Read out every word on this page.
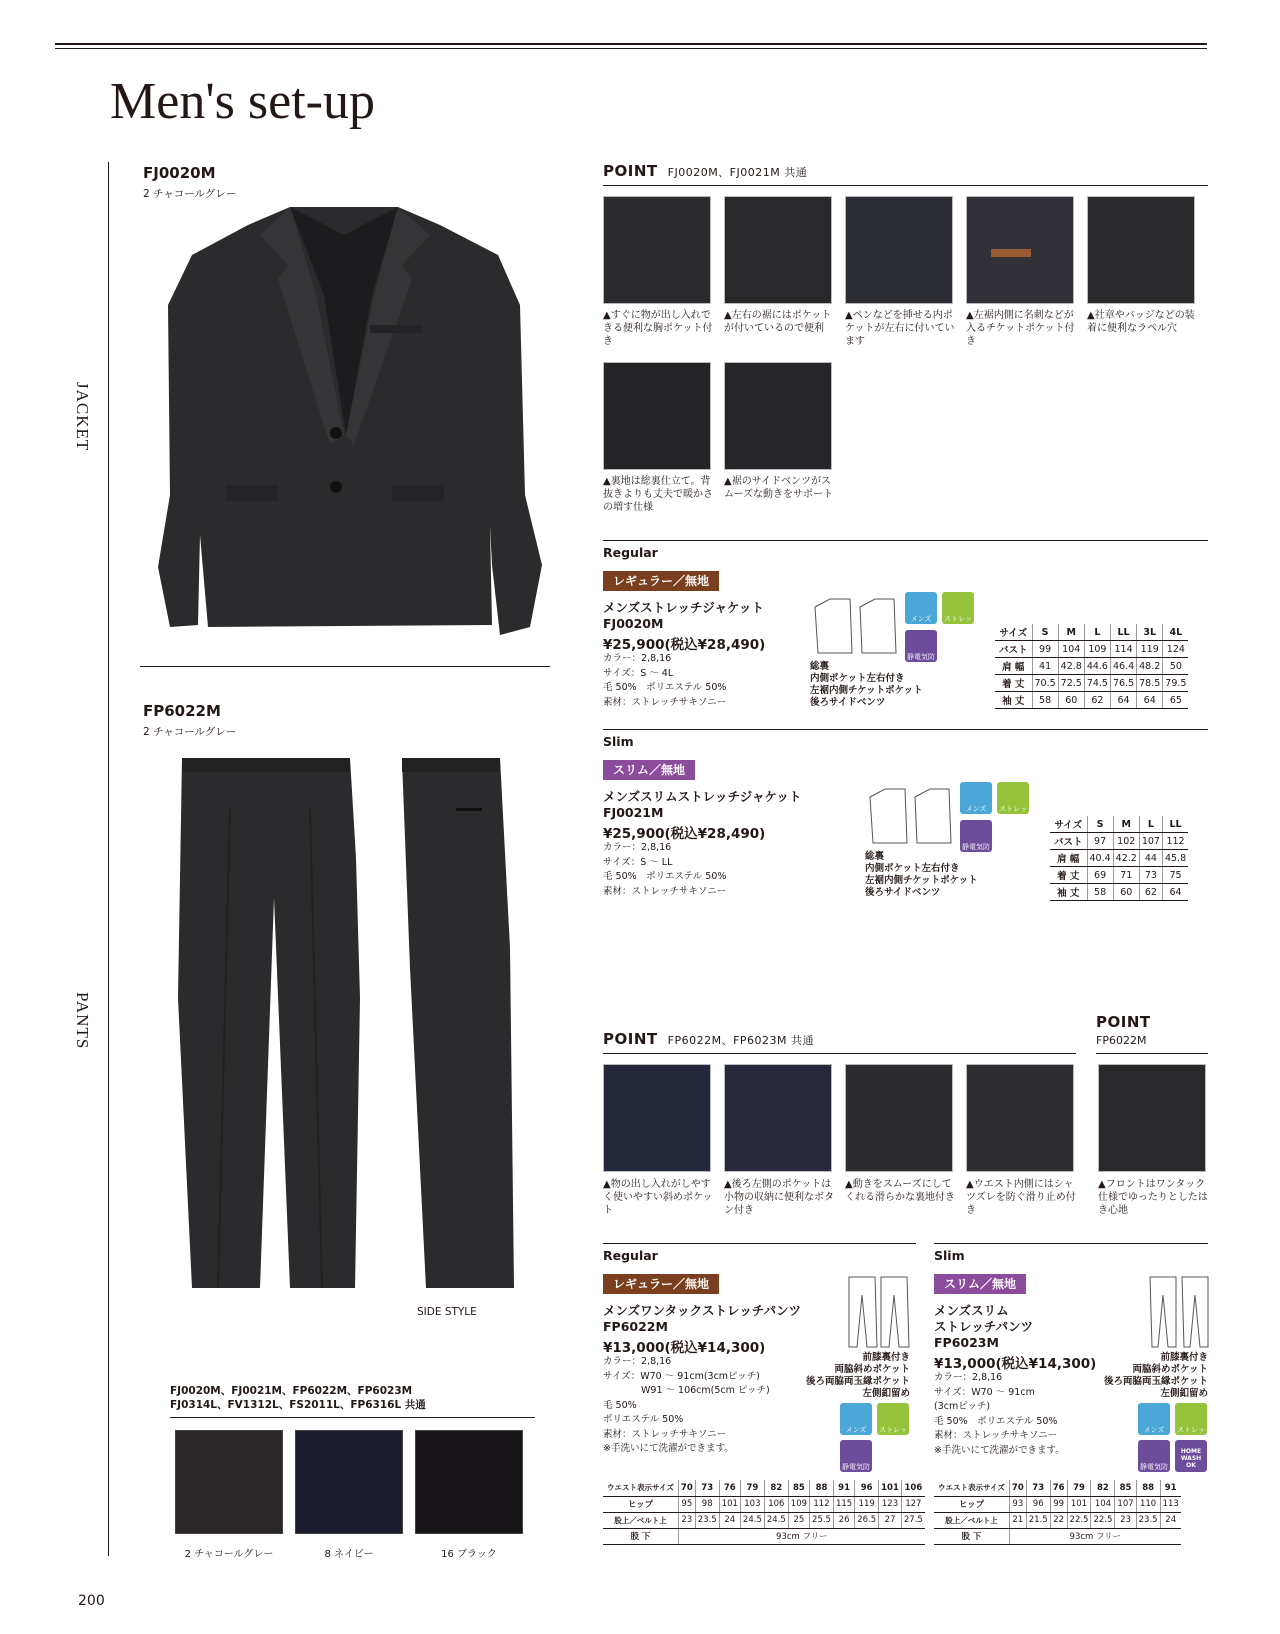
Men's set-up
JACKET
PANTS
FJ0020M
2 チャコールグレー
FP6022M
2 チャコールグレー
SIDE STYLE
FJ0020M、FJ0021M、FP6022M、FP6023M
FJ0314L、FV1312L、FS2011L、FP6316L 共通
2 チャコールグレー	8 ネイビー	16 ブラック
200
POINT FJ0020M、FJ0021M 共通
▲すぐに物が出し入れできる便利な胸ポケット付き
▲左右の裾にはポケットが付いているので便利
▲ペンなどを挿せる内ポケットが左右に付いています
▲左裾内側に名刺などが入るチケットポケット付き
▲社章やバッジなどの装着に便利なラペル穴
▲裏地は総裏仕立て。背抜きよりも丈夫で暖かさの増す仕様
▲裾のサイドベンツがスムーズな動きをサポート
Regular
レギュラー／無地
メンズストレッチジャケット
FJ0020M
¥25,900(税込¥28,490)
カラー：2,8,16
サイズ：S ～ 4L
毛 50%　ポリエステル 50%
素材：ストレッチサキソニー
総裏
内側ポケット左右付き
左裾内側チケットポケット
後ろサイドベンツ
メンズ	ストレッチ
静電気防止
サイズ	S	M	L	LL	3L	4L
バスト	99	104	109	114	119	124
肩 幅	41	42.8	44.6	46.4	48.2	50
着 丈	70.5	72.5	74.5	76.5	78.5	79.5
袖 丈	58	60	62	64	64	65
Slim
スリム／無地
メンズスリムストレッチジャケット
FJ0021M
¥25,900(税込¥28,490)
カラー：2,8,16
サイズ：S ～ LL
毛 50%　ポリエステル 50%
素材：ストレッチサキソニー
総裏
内側ポケット左右付き
左裾内側チケットポケット
後ろサイドベンツ
メンズ	ストレッチ
静電気防止
サイズ	S	M	L	LL
バスト	97	102	107	112
肩 幅	40.4	42.2	44	45.8
着 丈	69	71	73	75
袖 丈	58	60	62	64
POINT FP6022M、FP6023M 共通
POINT
FP6022M
▲物の出し入れがしやすく使いやすい斜めポケット
▲後ろ左側のポケットは小物の収納に便利なボタン付き
▲動きをスムーズにしてくれる滑らかな裏地付き
▲ウエスト内側にはシャツズレを防ぐ滑り止め付き
▲フロントはワンタック仕様でゆったりとしたはき心地
Regular
レギュラー／無地
メンズワンタックストレッチパンツ
FP6022M
¥13,000(税込¥14,300)
カラー：2,8,16
サイズ：W70 ～ 91cm(3cmピッチ)
　　　　W91 ～ 106cm(5cm ピッチ)
毛 50%
ポリエステル 50%
素材：ストレッチサキソニー
※手洗いにて洗濯ができます。
前膝裏付き
両脇斜めポケット
後ろ両脇両玉縁ポケット
左側釦留め
メンズ	ストレッチ
静電気防止
ウエスト表示サイズ	70	73	76	79	82	85	88	91	96	101	106
ヒップ	95	98	101	103	106	109	112	115	119	123	127
股上／ベルト上	23	23.5	24	24.5	24.5	25	25.5	26	26.5	27	27.5
股 下	93cm フリー										
Slim
スリム／無地
メンズスリム
ストレッチパンツ
FP6023M
¥13,000(税込¥14,300)
カラー：2,8,16
サイズ：W70 ～ 91cm
(3cmピッチ)
毛 50%　ポリエステル 50%
素材：ストレッチサキソニー
※手洗いにて洗濯ができます。
前膝裏付き
両脇斜めポケット
後ろ両脇両玉縁ポケット
左側釦留め
メンズ	ストレッ
静電気防止
HOME WASH OK
ウエスト表示サイズ	70	73	76	79	82	85	88	91
ヒップ	93	96	99	101	104	107	110	113
股上／ベルト上	21	21.5	22	22.5	22.5	23	23.5	24
股 下	93cm フリー							
